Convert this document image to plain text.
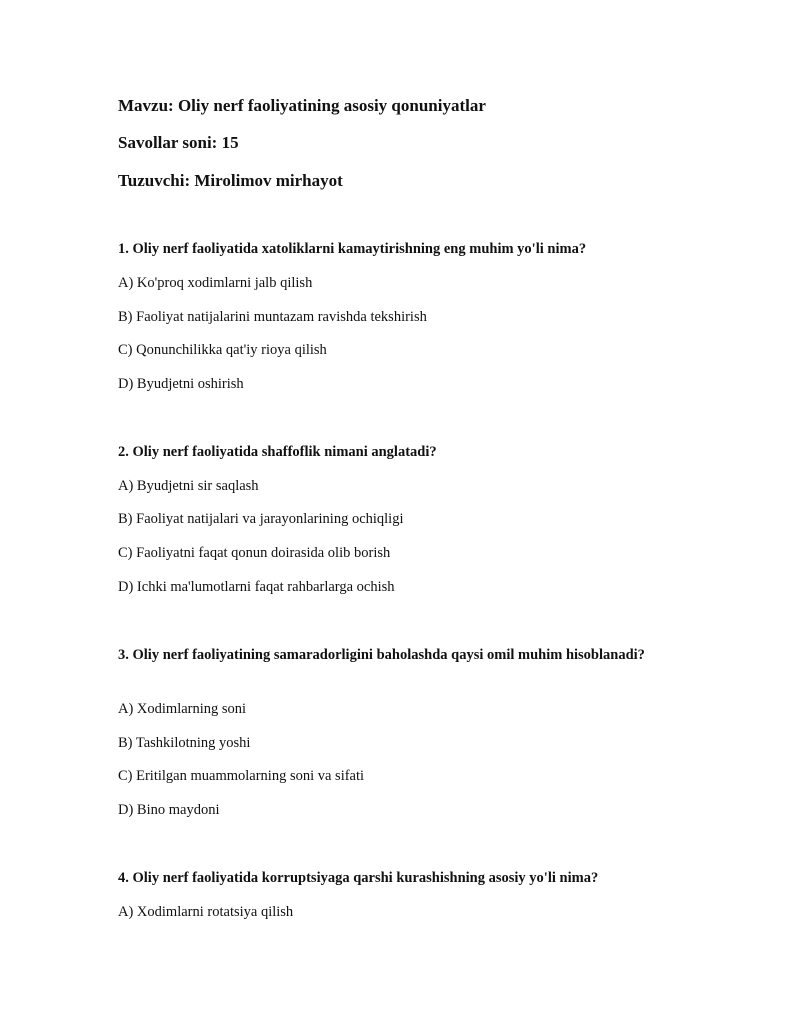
Mavzu: Oliy nerf faoliyatining asosiy qonuniyatlar
Savollar soni: 15
Tuzuvchi: Mirolimov mirhayot
1. Oliy nerf faoliyatida xatoliklarni kamaytirishning eng muhim yo'li nima?
A) Ko'proq xodimlarni jalb qilish
B) Faoliyat natijalarini muntazam ravishda tekshirish
C) Qonunchilikka qat'iy rioya qilish
D) Byudjetni oshirish
2. Oliy nerf faoliyatida shaffoflik nimani anglatadi?
A) Byudjetni sir saqlash
B) Faoliyat natijalari va jarayonlarining ochiqligi
C) Faoliyatni faqat qonun doirasida olib borish
D) Ichki ma'lumotlarni faqat rahbarlarga ochish
3. Oliy nerf faoliyatining samaradorligini baholashda qaysi omil muhim hisoblanadi?
A) Xodimlarning soni
B) Tashkilotning yoshi
C) Eritilgan muammolarning soni va sifati
D) Bino maydoni
4. Oliy nerf faoliyatida korruptsiyaga qarshi kurashishning asosiy yo'li nima?
A) Xodimlarni rotatsiya qilish
